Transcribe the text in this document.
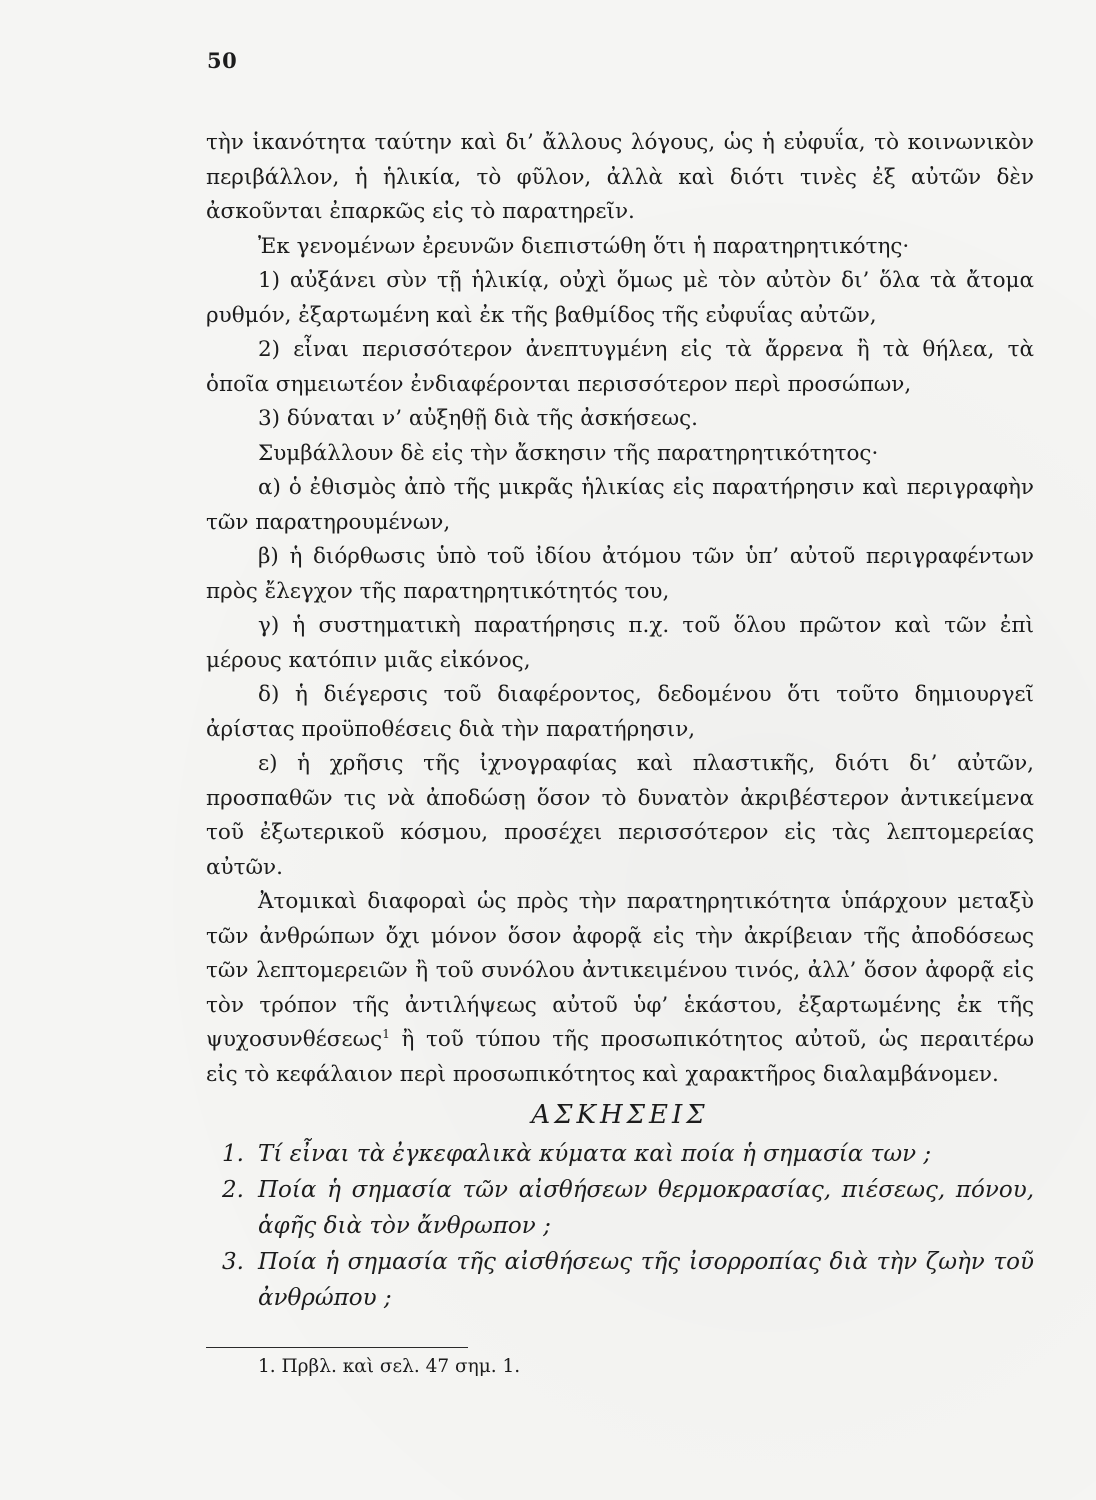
50

τὴν ἱκανότητα ταύτην καὶ δι’ ἄλλους λόγους, ὡς ἡ εὐφυΐα, τὸ κοινωνικὸν περιβάλλον, ἡ ἡλικία, τὸ φῦλον, ἀλλὰ καὶ διότι τινὲς ἐξ αὐτῶν δὲν ἀσκοῦνται ἐπαρκῶς εἰς τὸ παρατηρεῖν.

Ἐκ γενομένων ἐρευνῶν διεπιστώθη ὅτι ἡ παρατηρητικότης·

1) αὐξάνει σὺν τῇ ἡλικίᾳ, οὐχὶ ὅμως μὲ τὸν αὐτὸν δι’ ὅλα τὰ ἄτομα ρυθμόν, ἐξαρτωμένη καὶ ἐκ τῆς βαθμίδος τῆς εὐφυΐας αὐτῶν,

2) εἶναι περισσότερον ἀνεπτυγμένη εἰς τὰ ἄρρενα ἢ τὰ θήλεα, τὰ ὁποῖα σημειωτέον ἐνδιαφέρονται περισσότερον περὶ προσώπων,

3) δύναται ν’ αὐξηθῇ διὰ τῆς ἀσκήσεως.

Συμβάλλουν δὲ εἰς τὴν ἄσκησιν τῆς παρατηρητικότητος·

α) ὁ ἐθισμὸς ἀπὸ τῆς μικρᾶς ἡλικίας εἰς παρατήρησιν καὶ περιγραφὴν τῶν παρατηρουμένων,

β) ἡ διόρθωσις ὑπὸ τοῦ ἰδίου ἀτόμου τῶν ὑπ’ αὐτοῦ περιγραφέντων πρὸς ἔλεγχον τῆς παρατηρητικότητός του,

γ) ἡ συστηματικὴ παρατήρησις π.χ. τοῦ ὅλου πρῶτον καὶ τῶν ἐπὶ μέρους κατόπιν μιᾶς εἰκόνος,

δ) ἡ διέγερσις τοῦ διαφέροντος, δεδομένου ὅτι τοῦτο δημιουργεῖ ἀρίστας προϋποθέσεις διὰ τὴν παρατήρησιν,

ε) ἡ χρῆσις τῆς ἰχνογραφίας καὶ πλαστικῆς, διότι δι’ αὐτῶν, προσπαθῶν τις νὰ ἀποδώσῃ ὅσον τὸ δυνατὸν ἀκριβέστερον ἀντικείμενα τοῦ ἐξωτερικοῦ κόσμου, προσέχει περισσότερον εἰς τὰς λεπτομερείας αὐτῶν.

Ἀτομικαὶ διαφοραὶ ὡς πρὸς τὴν παρατηρητικότητα ὑπάρχουν μεταξὺ τῶν ἀνθρώπων ὄχι μόνον ὅσον ἀφορᾷ εἰς τὴν ἀκρίβειαν τῆς ἀποδόσεως τῶν λεπτομερειῶν ἢ τοῦ συνόλου ἀντικειμένου τινός, ἀλλ’ ὅσον ἀφορᾷ εἰς τὸν τρόπον τῆς ἀντιλήψεως αὐτοῦ ὑφ’ ἑκάστου, ἐξαρτωμένης ἐκ τῆς ψυχοσυνθέσεως$^1$ ἢ τοῦ τύπου τῆς προσωπικότητος αὐτοῦ, ὡς περαιτέρω εἰς τὸ κεφάλαιον περὶ προσωπικότητος καὶ χαρακτῆρος διαλαμβάνομεν.

ΑΣΚΗΣΕΙΣ

1. Τί εἶναι τὰ ἐγκεφαλικὰ κύματα καὶ ποία ἡ σημασία των ;

2. Ποία ἡ σημασία τῶν αἰσθήσεων θερμοκρασίας, πιέσεως, πόνου, ἁφῆς διὰ τὸν ἄνθρωπον ;

3. Ποία ἡ σημασία τῆς αἰσθήσεως τῆς ἰσορροπίας διὰ τὴν ζωὴν τοῦ ἀνθρώπου ;

1. Πρβλ. καὶ σελ. 47 σημ. 1.
